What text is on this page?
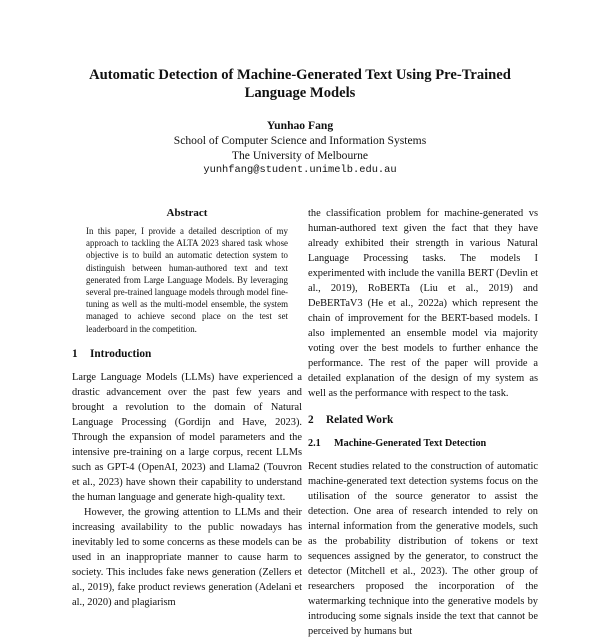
Automatic Detection of Machine-Generated Text Using Pre-Trained
Language Models
Yunhao Fang
School of Computer Science and Information Systems
The University of Melbourne
yunhfang@student.unimelb.edu.au
Abstract

In this paper, I provide a detailed description of my approach to tackling the ALTA 2023 shared task whose objective is to build an automatic detection system to distinguish between human-authored text and text generated from Large Language Models. By leveraging several pre-trained language models through model fine-tuning as well as the multi-model ensemble, the system managed to achieve second place on the test set leaderboard in the competition.

1 Introduction

Large Language Models (LLMs) have experienced a drastic advancement over the past few years and brought a revolution to the domain of Natural Language Processing (Gordijn and Have, 2023). Through the expansion of model parameters and the intensive pre-training on a large corpus, recent LLMs such as GPT-4 (OpenAI, 2023) and Llama2 (Touvron et al., 2023) have shown their capability to understand the human language and generate high-quality text.

However, the growing attention to LLMs and their increasing availability to the public nowadays has inevitably led to some concerns as these models can be used in an inappropriate manner to cause harm to society. This includes fake news generation (Zellers et al., 2019), fake product reviews generation (Adelani et al., 2020) and plagiarism

the classification problem for machine-generated vs human-authored text given the fact that they have already exhibited their strength in various Natural Language Processing tasks. The models I experimented with include the vanilla BERT (Devlin et al., 2019), RoBERTa (Liu et al., 2019) and DeBERTaV3 (He et al., 2022a) which represent the chain of improvement for the BERT-based models. I also implemented an ensemble model via majority voting over the best models to further enhance the performance. The rest of the paper will provide a detailed explanation of the design of my system as well as the performance with respect to the task.

2 Related Work
2.1 Machine-Generated Text Detection

Recent studies related to the construction of automatic machine-generated text detection systems focus on the utilisation of the source generator to assist the detection. One area of research intended to rely on internal information from the generative models, such as the probability distribution of tokens or text sequences assigned by the generator, to construct the detector (Mitchell et al., 2023). The other group of researchers proposed the incorporation of the watermarking technique into the generative models by introducing some signals inside the text that cannot be perceived by humans but
